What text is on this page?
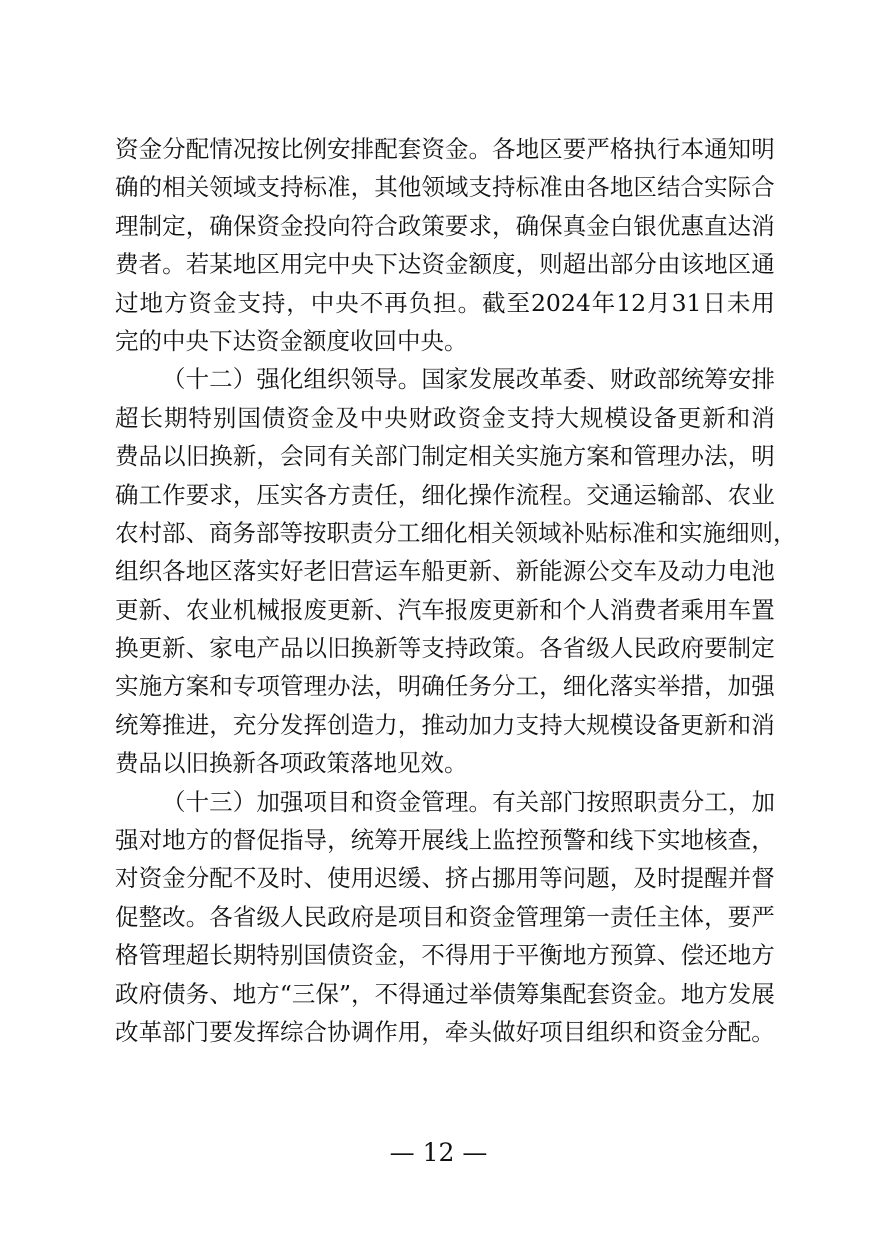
资 金 分 配 情 况 按 比 例 安 排 配 套 资 金 。 各 地 区 要 严 格 执 行 本 通 知 明
确 的 相 关 领 域 支 持 标 准 ， 其 他 领 域 支 持 标 准 由 各 地 区 结 合 实 际 合
理 制 定 ， 确 保 资 金 投 向 符 合 政 策 要 求 ， 确 保 真 金 白 银 优 惠 直 达 消
费 者 。 若 某 地 区 用 完 中 央 下 达 资 金 额 度 ， 则 超 出 部 分 由 该 地 区 通
过 地 方 资 金 支 持 ， 中 央 不 再 负 担 。 截 至 2024 年 12 月 31 日 未 用
完的中央下达资金额度收回中央。
（ 十 二 ） 强 化 组 织 领 导 。 国 家 发 展 改 革 委 、 财 政 部 统 筹 安 排
超 长 期 特 别 国 债 资 金 及 中 央 财 政 资 金 支 持 大 规 模 设 备 更 新 和 消
费 品 以 旧 换 新 ， 会 同 有 关 部 门 制 定 相 关 实 施 方 案 和 管 理 办 法 ， 明
确 工 作 要 求 ， 压 实 各 方 责 任 ， 细 化 操 作 流 程 。 交 通 运 输 部 、 农 业
农 村 部 、 商 务 部 等 按 职 责 分 工 细 化 相 关 领 域 补 贴 标 准 和 实 施 细 则 ，
组 织 各 地 区 落 实 好 老 旧 营 运 车 船 更 新 、 新 能 源 公 交 车 及 动 力 电 池
更 新 、 农 业 机 械 报 废 更 新 、 汽 车 报 废 更 新 和 个 人 消 费 者 乘 用 车 置
换 更 新 、 家 电 产 品 以 旧 换 新 等 支 持 政 策 。 各 省 级 人 民 政 府 要 制 定
实 施 方 案 和 专 项 管 理 办 法 ， 明 确 任 务 分 工 ， 细 化 落 实 举 措 ， 加 强
统 筹 推 进 ， 充 分 发 挥 创 造 力 ， 推 动 加 力 支 持 大 规 模 设 备 更 新 和 消
费品以旧换新各项政策落地见效。
（ 十 三 ） 加 强 项 目 和 资 金 管 理 。 有 关 部 门 按 照 职 责 分 工 ， 加
强 对 地 方 的 督 促 指 导 ， 统 筹 开 展 线 上 监 控 预 警 和 线 下 实 地 核 查 ，
对 资 金 分 配 不 及 时 、 使 用 迟 缓 、 挤 占 挪 用 等 问 题 ， 及 时 提 醒 并 督
促 整 改 。 各 省 级 人 民 政 府 是 项 目 和 资 金 管 理 第 一 责 任 主 体 ， 要 严
格 管 理 超 长 期 特 别 国 债 资 金 ， 不 得 用 于 平 衡 地 方 预 算 、 偿 还 地 方
政 府 债 务 、 地 方 “ 三 保 ” ， 不 得 通 过 举 债 筹 集 配 套 资 金 。 地 方 发 展
改 革 部 门 要 发 挥 综 合 协 调 作 用 ， 牵 头 做 好 项 目 组 织 和 资 金 分 配 。
— 12 —
